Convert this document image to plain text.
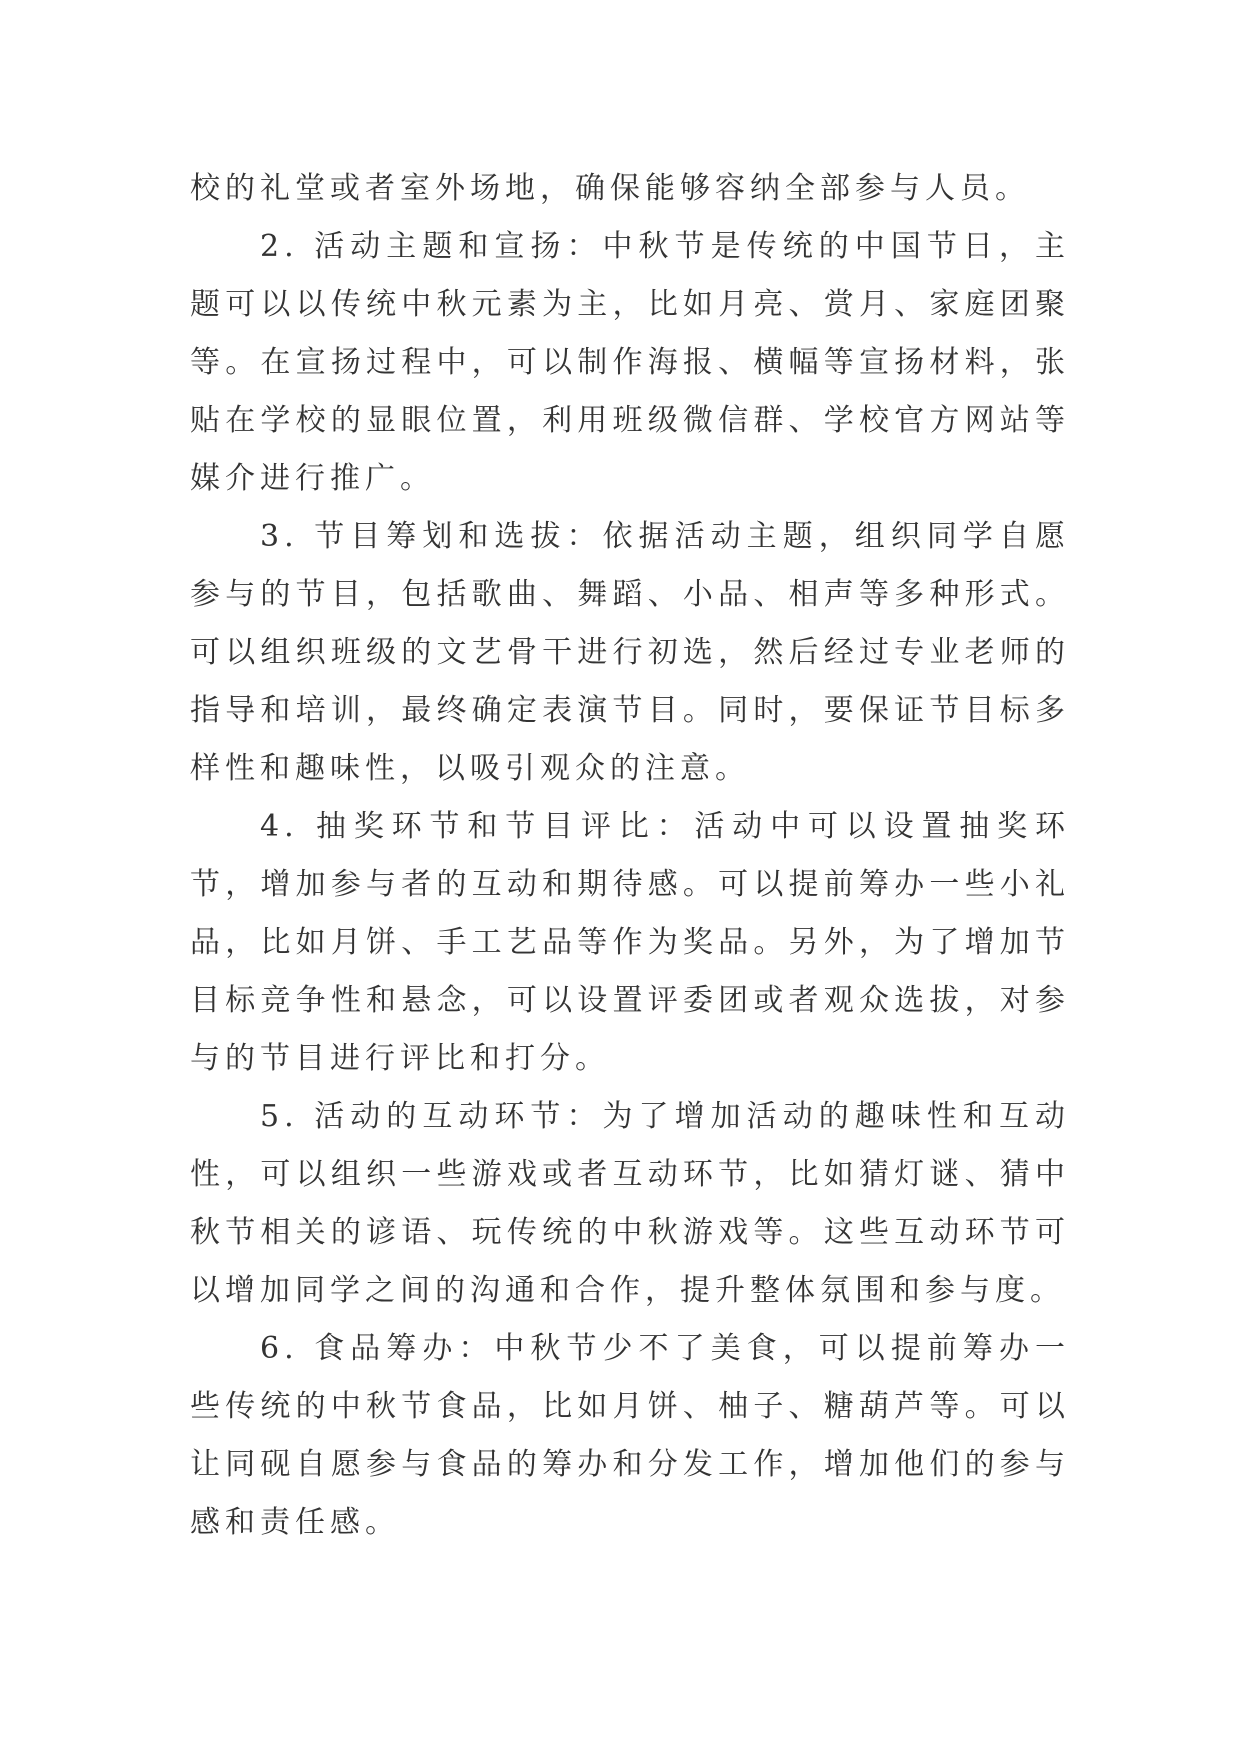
校的礼堂或者室外场地，确保能够容纳全部参与人员。

2. 活动主题和宣扬：中秋节是传统的中国节日，主题可以以传统中秋元素为主，比如月亮、赏月、家庭团聚等。在宣扬过程中，可以制作海报、横幅等宣扬材料，张贴在学校的显眼位置，利用班级微信群、学校官方网站等媒介进行推广。

3. 节目筹划和选拔：依据活动主题，组织同学自愿参与的节目，包括歌曲、舞蹈、小品、相声等多种形式。可以组织班级的文艺骨干进行初选，然后经过专业老师的指导和培训，最终确定表演节目。同时，要保证节目标多样性和趣味性，以吸引观众的注意。

4. 抽奖环节和节目评比：活动中可以设置抽奖环节，增加参与者的互动和期待感。可以提前筹办一些小礼品，比如月饼、手工艺品等作为奖品。另外，为了增加节目标竞争性和悬念，可以设置评委团或者观众选拔，对参与的节目进行评比和打分。

5. 活动的互动环节：为了增加活动的趣味性和互动性，可以组织一些游戏或者互动环节，比如猜灯谜、猜中秋节相关的谚语、玩传统的中秋游戏等。这些互动环节可以增加同学之间的沟通和合作，提升整体氛围和参与度。

6. 食品筹办：中秋节少不了美食，可以提前筹办一些传统的中秋节食品，比如月饼、柚子、糖葫芦等。可以让同砚自愿参与食品的筹办和分发工作，增加他们的参与感和责任感。
